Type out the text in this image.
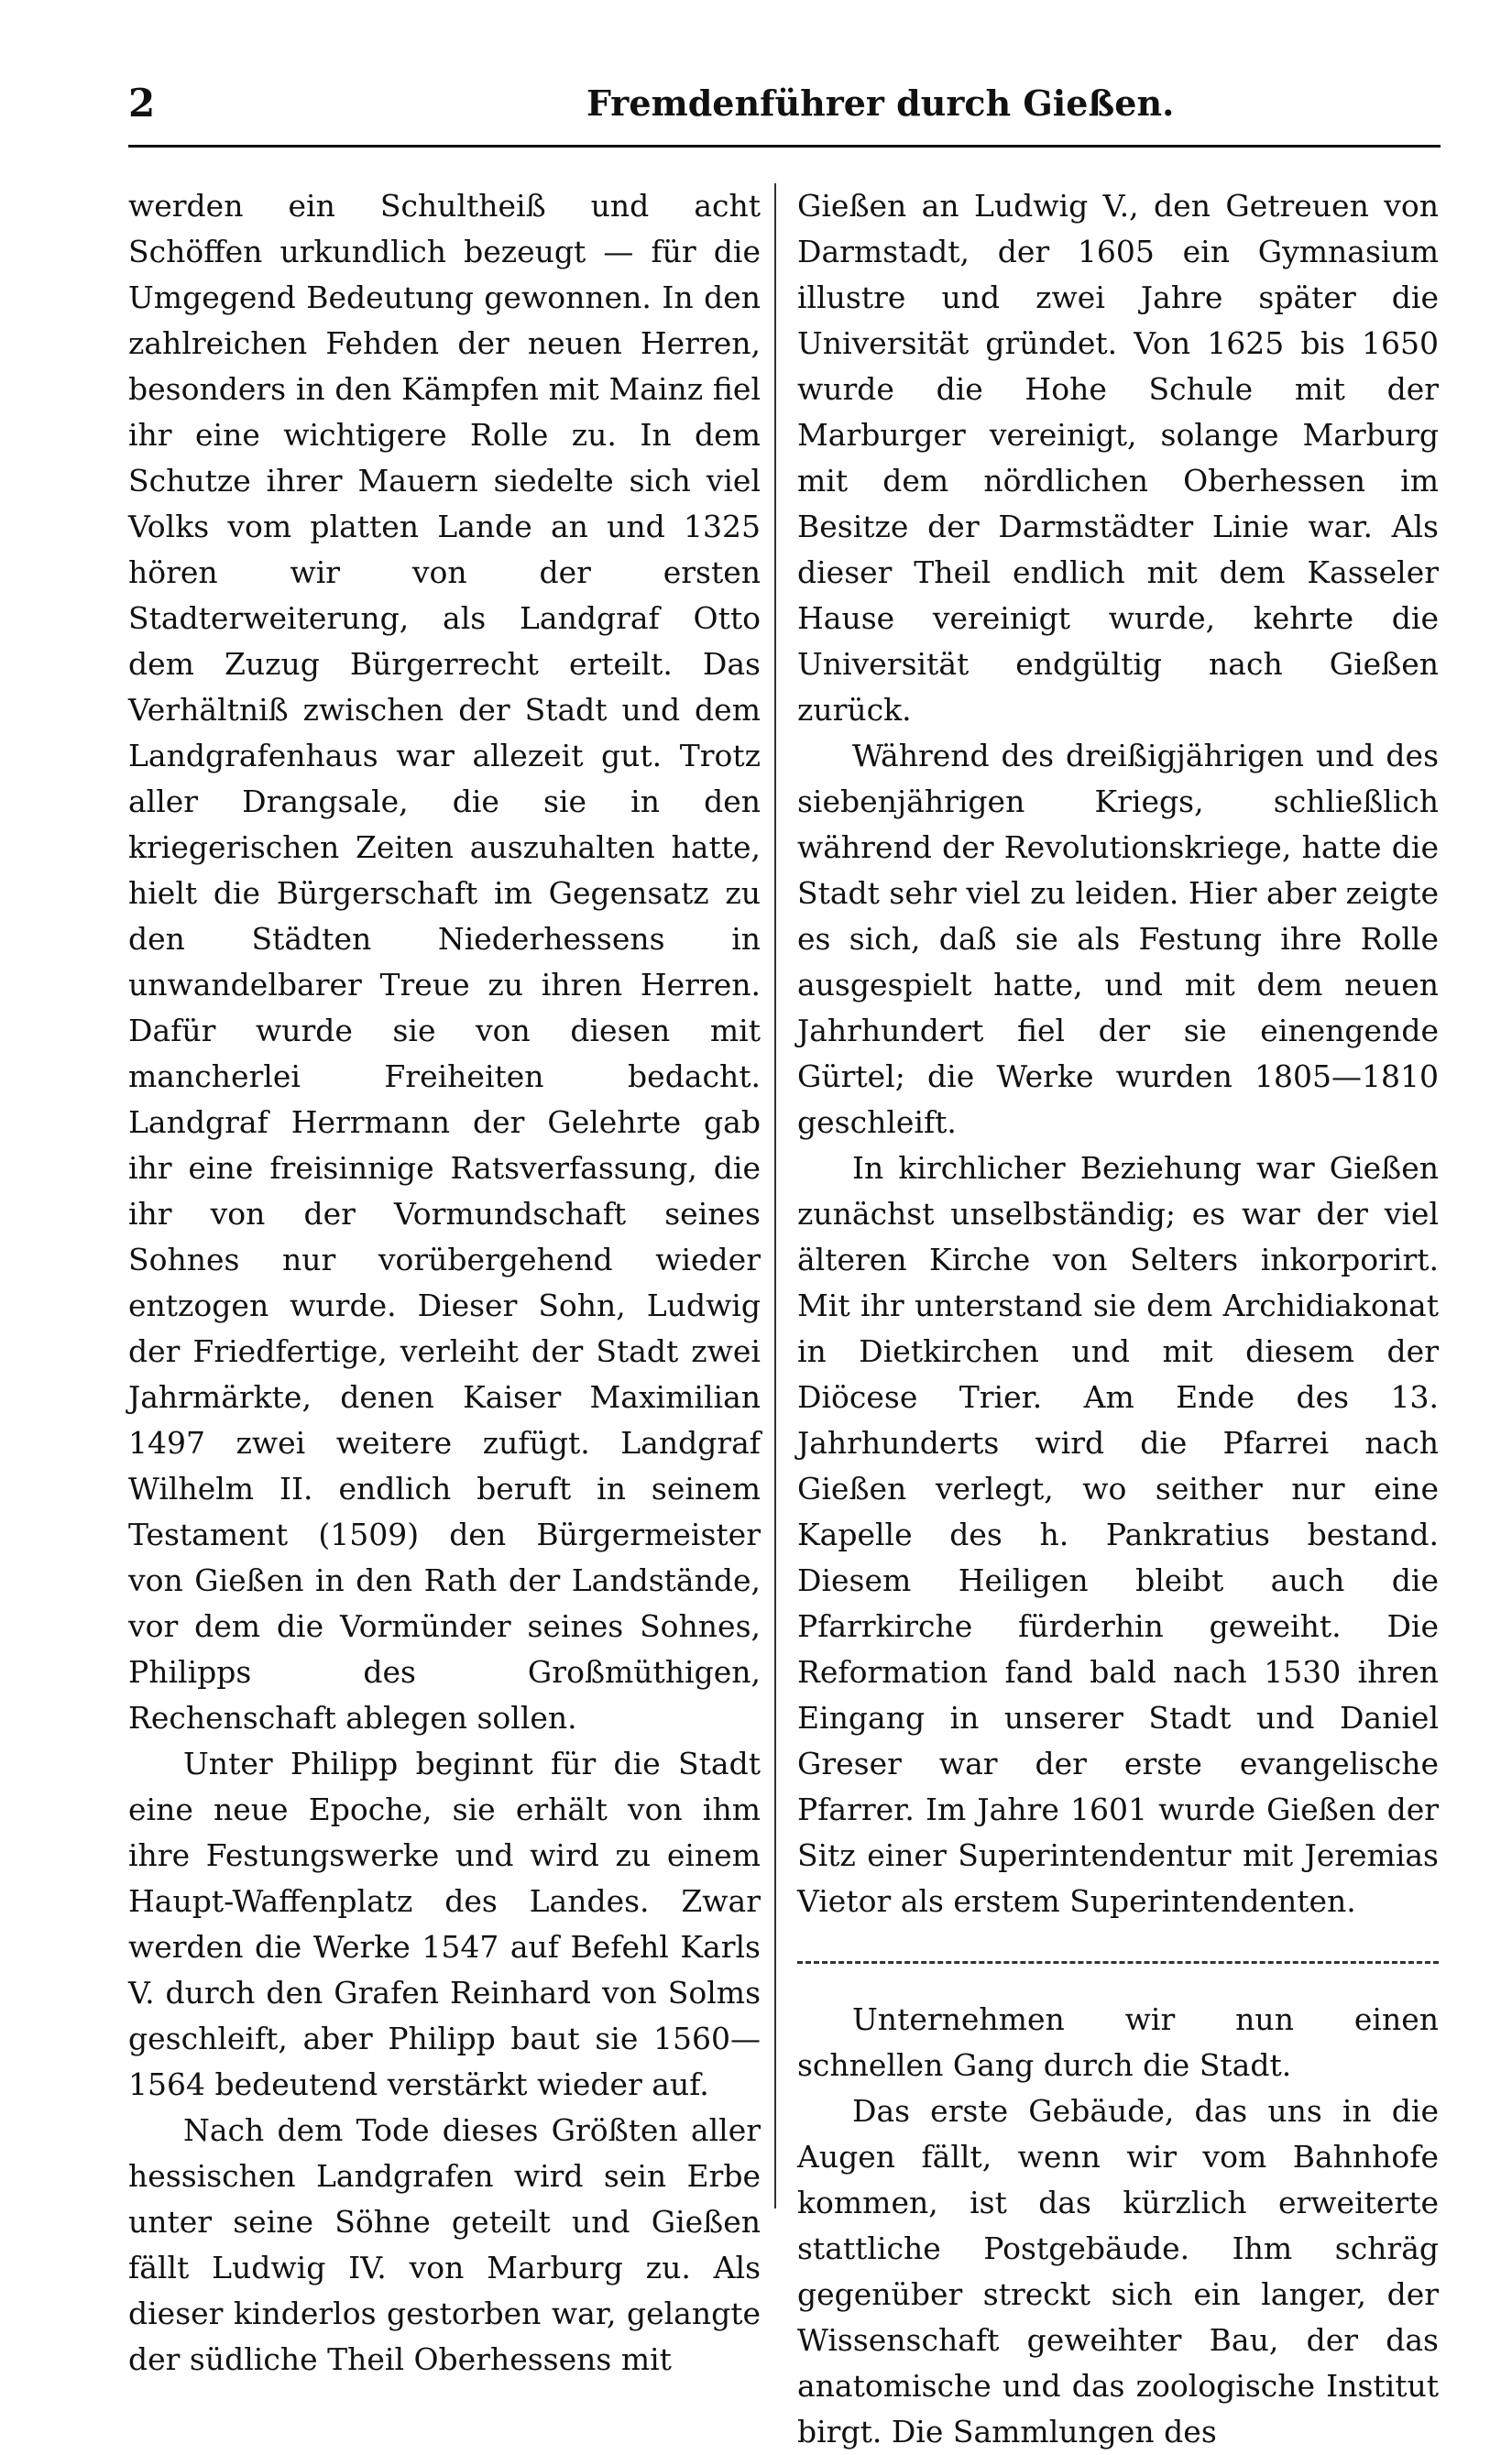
2	Fremdenführer durch Gießen.

werden ein Schultheiß und acht Schöffen urkundlich bezeugt — für die Umgegend Bedeutung gewonnen. In den zahlreichen Fehden der neuen Herren, besonders in den Kämpfen mit Mainz fiel ihr eine wichtigere Rolle zu. In dem Schutze ihrer Mauern siedelte sich viel Volks vom platten Lande an und 1325 hören wir von der ersten Stadterweiterung, als Landgraf Otto dem Zuzug Bürgerrecht erteilt. Das Verhältniß zwischen der Stadt und dem Landgrafenhaus war allezeit gut. Trotz aller Drangsale, die sie in den kriegerischen Zeiten auszuhalten hatte, hielt die Bürgerschaft im Gegensatz zu den Städten Niederhessens in unwandelbarer Treue zu ihren Herren. Dafür wurde sie von diesen mit mancherlei Freiheiten bedacht. Landgraf Herrmann der Gelehrte gab ihr eine freisinnige Ratsverfassung, die ihr von der Vormundschaft seines Sohnes nur vorübergehend wieder entzogen wurde. Dieser Sohn, Ludwig der Friedfertige, verleiht der Stadt zwei Jahrmärkte, denen Kaiser Maximilian 1497 zwei weitere zufügt. Landgraf Wilhelm II. endlich beruft in seinem Testament (1509) den Bürgermeister von Gießen in den Rath der Landstände, vor dem die Vormünder seines Sohnes, Philipps des Großmüthigen, Rechenschaft ablegen sollen.

Unter Philipp beginnt für die Stadt eine neue Epoche, sie erhält von ihm ihre Festungswerke und wird zu einem Haupt-Waffenplatz des Landes. Zwar werden die Werke 1547 auf Befehl Karls V. durch den Grafen Reinhard von Solms geschleift, aber Philipp baut sie 1560—1564 bedeutend verstärkt wieder auf.

Nach dem Tode dieses Größten aller hessischen Landgrafen wird sein Erbe unter seine Söhne geteilt und Gießen fällt Ludwig IV. von Marburg zu. Als dieser kinderlos gestorben war, gelangte der südliche Theil Oberhessens mit

Gießen an Ludwig V., den Getreuen von Darmstadt, der 1605 ein Gymnasium illustre und zwei Jahre später die Universität gründet. Von 1625 bis 1650 wurde die Hohe Schule mit der Marburger vereinigt, solange Marburg mit dem nördlichen Oberhessen im Besitze der Darmstädter Linie war. Als dieser Theil endlich mit dem Kasseler Hause vereinigt wurde, kehrte die Universität endgültig nach Gießen zurück.

Während des dreißigjährigen und des siebenjährigen Kriegs, schließlich während der Revolutionskriege, hatte die Stadt sehr viel zu leiden. Hier aber zeigte es sich, daß sie als Festung ihre Rolle ausgespielt hatte, und mit dem neuen Jahrhundert fiel der sie einengende Gürtel; die Werke wurden 1805—1810 geschleift.

In kirchlicher Beziehung war Gießen zunächst unselbständig; es war der viel älteren Kirche von Selters inkorporirt. Mit ihr unterstand sie dem Archidiakonat in Dietkirchen und mit diesem der Diöcese Trier. Am Ende des 13. Jahrhunderts wird die Pfarrei nach Gießen verlegt, wo seither nur eine Kapelle des h. Pankratius bestand. Diesem Heiligen bleibt auch die Pfarrkirche fürderhin geweiht. Die Reformation fand bald nach 1530 ihren Eingang in unserer Stadt und Daniel Greser war der erste evangelische Pfarrer. Im Jahre 1601 wurde Gießen der Sitz einer Superintendentur mit Jeremias Vietor als erstem Superintendenten.

Unternehmen wir nun einen schnellen Gang durch die Stadt.

Das erste Gebäude, das uns in die Augen fällt, wenn wir vom Bahnhofe kommen, ist das kürzlich erweiterte stattliche Postgebäude. Ihm schräg gegenüber streckt sich ein langer, der Wissenschaft geweihter Bau, der das anatomische und das zoologische Institut birgt. Die Sammlungen des
